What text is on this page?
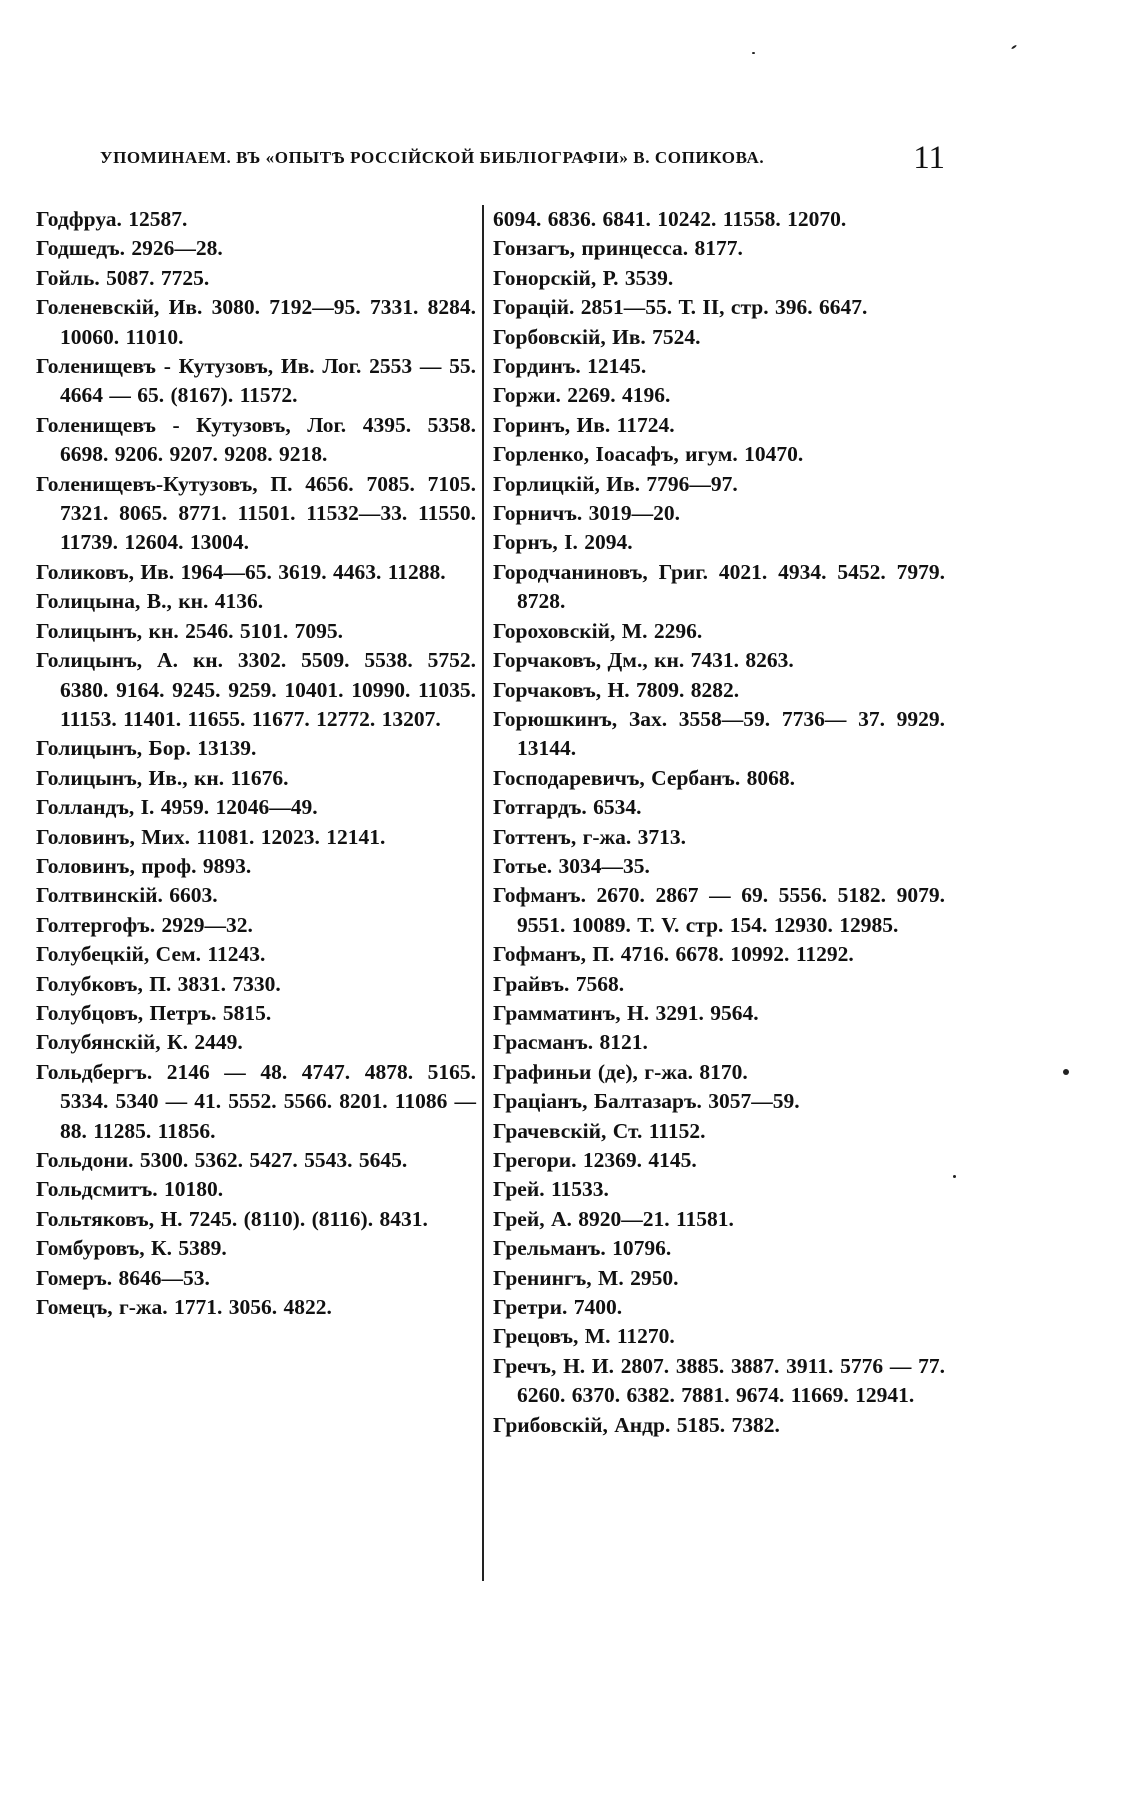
УПОМИНАЕМ. ВЪ «ОПЫТѢ РОССІЙСКОЙ БИБЛІОГРАФІИ» В. СОПИКОВА.	11
Годфруа. 12587.
Годшедъ. 2926—28.
Гойль. 5087. 7725.
Голеневскій, Ив. 3080. 7192—95. 7331. 8284. 10060. 11010.
Голенищевъ - Кутузовъ, Ив. Лог. 2553 — 55. 4664 — 65. (8167). 11572.
Голенищевъ - Кутузовъ, Лог. 4395. 5358. 6698. 9206. 9207. 9208. 9218.
Голенищевъ-Кутузовъ, П. 4656. 7085. 7105. 7321. 8065. 8771. 11501. 11532—33. 11550. 11739. 12604. 13004.
Голиковъ, Ив. 1964—65. 3619. 4463. 11288.
Голицына, В., кн. 4136.
Голицынъ, кн. 2546. 5101. 7095.
Голицынъ, А. кн. 3302. 5509. 5538. 5752. 6380. 9164. 9245. 9259. 10401. 10990. 11035. 11153. 11401. 11655. 11677. 12772. 13207.
Голицынъ, Бор. 13139.
Голицынъ, Ив., кн. 11676.
Голландъ, I. 4959. 12046—49.
Головинъ, Мих. 11081. 12023. 12141.
Головинъ, проф. 9893.
Голтвинскій. 6603.
Голтергофъ. 2929—32.
Голубецкій, Сем. 11243.
Голубковъ, П. 3831. 7330.
Голубцовъ, Петръ. 5815.
Голубянскій, К. 2449.
Гольдбергъ. 2146 — 48. 4747. 4878. 5165. 5334. 5340 — 41. 5552. 5566. 8201. 11086 — 88. 11285. 11856.
Гольдони. 5300. 5362. 5427. 5543. 5645.
Гольдсмитъ. 10180.
Гольтяковъ, Н. 7245. (8110). (8116). 8431.
Гомбуровъ, К. 5389.
Гомеръ. 8646—53.
Гомецъ, г-жа. 1771. 3056. 4822.
6094. 6836. 6841. 10242. 11558. 12070.
Гонзагъ, принцесса. 8177.
Гонорскій, Р. 3539.
Горацій. 2851—55. Т. II, стр. 396. 6647.
Горбовскій, Ив. 7524.
Гординъ. 12145.
Горжи. 2269. 4196.
Горинъ, Ив. 11724.
Горленко, Іоасафъ, игум. 10470.
Горлицкій, Ив. 7796—97.
Горничъ. 3019—20.
Горнъ, I. 2094.
Городчаниновъ, Григ. 4021. 4934. 5452. 7979. 8728.
Гороховскій, М. 2296.
Горчаковъ, Дм., кн. 7431. 8263.
Горчаковъ, Н. 7809. 8282.
Горюшкинъ, Зах. 3558—59. 7736— 37. 9929. 13144.
Господаревичъ, Сербанъ. 8068.
Готгардъ. 6534.
Готтенъ, г-жа. 3713.
Готье. 3034—35.
Гофманъ. 2670. 2867 — 69. 5556. 5182. 9079. 9551. 10089. Т. V. стр. 154. 12930. 12985.
Гофманъ, П. 4716. 6678. 10992. 11292.
Грайвъ. 7568.
Грамматинъ, Н. 3291. 9564.
Грасманъ. 8121.
Графиньи (де), г-жа. 8170.
Граціанъ, Балтазаръ. 3057—59.
Грачевскій, Ст. 11152.
Грегори. 12369. 4145.
Грей. 11533.
Грей, А. 8920—21. 11581.
Грельманъ. 10796.
Гренингъ, М. 2950.
Гретри. 7400.
Грецовъ, М. 11270.
Гречъ, Н. И. 2807. 3885. 3887. 3911. 5776 — 77. 6260. 6370. 6382. 7881. 9674. 11669. 12941.
Грибовскій, Андр. 5185. 7382.
